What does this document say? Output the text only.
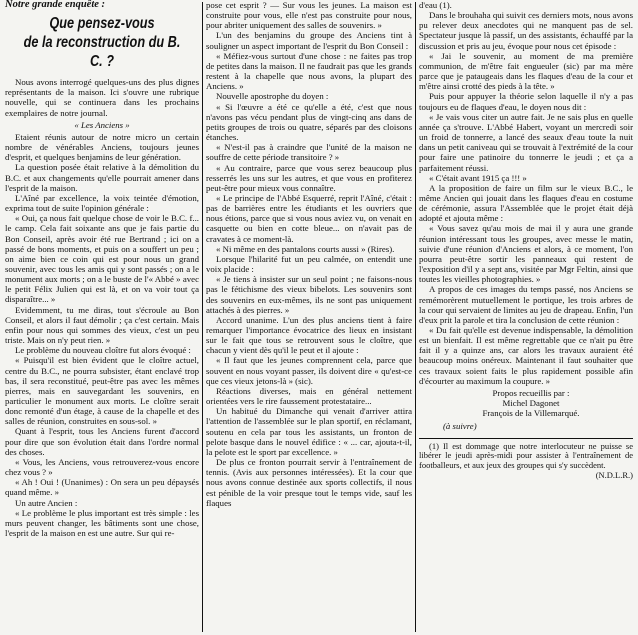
Notre grande enquête :
Que pensez-vous
de la reconstruction du B. C. ?

Nous avons interrogé quelques-uns des plus dignes représentants de la maison. Ici s'ouvre une rubrique nouvelle, qui se continuera dans les prochains exemplaires de notre journal.

« Les Anciens »

Etaient réunis autour de notre micro un certain nombre de vénérables Anciens, toujours jeunes d'esprit, et quelques benjamins de leur génération.

La question posée était relative à la démolition du B.C. et aux changements qu'elle pourrait amener dans l'esprit de la maison.

L'Aîné par excellence, la voix teintée d'émotion, exprima tout de suite l'opinion générale :

« Oui, ça nous fait quelque chose de voir le B.C. f... le camp. Cela fait soixante ans que je fais partie du Bon Conseil, après avoir été rue Bertrand ; ici on a passé de bons moments, et puis on a souffert un peu ; on aime bien ce coin qui est pour nous un grand souvenir, avec tous les amis qui y sont passés ; on a le monument aux morts ; on a le buste de l'« Abbé » avec le petit Félix Julien qui est là, et on va voir tout ça disparaître... »

Evidemment, tu me diras, tout s'écroule au Bon Conseil, et alors il faut démolir ; ça c'est certain. Mais enfin pour nous qui sommes des vieux, c'est un peu triste. Mais on n'y peut rien. »

Le problème du nouveau cloître fut alors évoqué :

« Puisqu'il est bien évident que le cloître actuel, centre du B.C., ne pourra subsister, étant enclavé trop bas, il sera reconstitué, peut-être pas avec les mêmes pierres, mais en sauvegardant les souvenirs, en particulier le monument aux morts. Le cloître serait donc remonté d'un étage, à cause de la chapelle et des salles de réunion, construites en sous-sol. »

Quant à l'esprit, tous les Anciens furent d'accord pour dire que son évolution était dans l'ordre normal des choses.

« Vous, les Anciens, vous retrouverez-vous encore chez vous ? »

« Ah ! Oui ! (Unanimes) : On sera un peu dépaysés quand même. »

Un autre Ancien :

« Le problème le plus important est très simple : les murs peuvent changer, les bâtiments sont une chose, l'esprit de la maison en est une autre. Sur qui re-

pose cet esprit ? — Sur vous les jeunes. La maison est construite pour vous, elle n'est pas construite pour nous, pour abriter uniquement des salles de souvenirs. »

L'un des benjamins du groupe des Anciens tint à souligner un aspect important de l'esprit du Bon Conseil :

« Méfiez-vous surtout d'une chose : ne faites pas trop de petites dans la maison. Il ne faudrait pas que les grands restent à la chapelle que nous avons, la plupart des Anciens. »

Nouvelle apostrophe du doyen :

« Si l'œuvre a été ce qu'elle a été, c'est que nous n'avons pas vécu pendant plus de vingt-cinq ans dans de petits groupes de trois ou quatre, séparés par des cloisons étanches.

« N'est-il pas à craindre que l'unité de la maison ne souffre de cette période transitoire ? »

« Au contraire, parce que vous serez beaucoup plus resserrés les uns sur les autres, et que vous en profiterez peut-être pour mieux vous connaître.

« Le principe de l'Abbé Esquerré, reprit l'Aîné, c'était : pas de barrières entre les étudiants et les ouvriers que nous étions, parce que si vous nous aviez vu, on venait en casquette ou bien en cotte bleue... on n'avait pas de cravates à ce moment-là.

« Ni même en des pantalons courts aussi » (Rires).

Lorsque l'hilarité fut un peu calmée, on entendit une voix placide :

« Je tiens à insister sur un seul point ; ne faisons-nous pas le fétichisme des vieux bibelots. Les souvenirs sont des souvenirs en eux-mêmes, ils ne sont pas uniquement attachés à des pierres. »

Accord unanime. L'un des plus anciens tient à faire remarquer l'importance évocatrice des lieux en insistant sur le fait que tous se retrouvent sous le cloître, que chacun y vient dès qu'il le peut et il ajoute :

« Il faut que les jeunes comprennent cela, parce que souvent en nous voyant passer, ils doivent dire « qu'est-ce que ces vieux jetons-là » (sic).

Réactions diverses, mais en général nettement orientées vers le rire faussement protestataire...

Un habitué du Dimanche qui venait d'arriver attira l'attention de l'assemblée sur le plan sportif, en réclamant, soutenu en cela par tous les assistants, un fronton de pelote basque dans le nouvel édifice : « ... car, ajouta-t-il, la pelote est le sport par excellence. »

De plus ce fronton pourrait servir à l'entraînement de tennis. (Avis aux personnes intéressées). Et la cour que nous avons connue destinée aux sports collectifs, il nous est pénible de la voir presque tout le temps vide, sauf les flaques

d'eau (1).

Dans le brouhaha qui suivit ces derniers mots, nous avons pu relever deux anecdotes qui ne manquent pas de sel. Spectateur jusque là passif, un des assistants, échauffé par la discussion et pris au jeu, évoque pour nous cet épisode :

« Jai le souvenir, au moment de ma première communion, de m'être fait engueuler (sic) par ma mère parce que je pataugeais dans les flaques d'eau de la cour et m'être ainsi crotté des pieds à la tête. »

Puis pour appuyer la théorie selon laquelle il n'y a pas toujours eu de flaques d'eau, le doyen nous dit :

« Je vais vous citer un autre fait. Je ne sais plus en quelle année ça s'trouve. L'Abbé Habert, voyant un mercredi soir un froid de tonnerre, a lancé des seaux d'eau toute la nuit dans un petit caniveau qui se trouvait à l'extrémité de la cour pour faire une patinoire du tonnerre le jeudi ; et ça a parfaitement réussi.

« C'était avant 1915 ça !!! »

A la proposition de faire un film sur le vieux B.C., le même Ancien qui jouait dans les flaques d'eau en costume de cérémonie, assura l'Assemblée que le projet était déjà adopté et ajouta même :

« Vous savez qu'au mois de mai il y aura une grande réunion intéressant tous les groupes, avec messe le matin, suivie d'une réunion d'Anciens et alors, à ce moment, l'on pourra peut-être sortir les panneaux qui restent de l'exposition d'il y a sept ans, visitée par Mgr Feltin, ainsi que toutes les vieilles photographies. »

A propos de ces images du temps passé, nos Anciens se remémorèrent mutuellement le portique, les trois arbres de la cour qui servaient de limites au jeu de drapeau. Enfin, l'un d'eux prit la parole et tira la conclusion de cette réunion :

« Du fait qu'elle est devenue indispensable, la démolition est un bienfait. Il est même regrettable que ce n'ait pu être fait il y a quinze ans, car alors les travaux auraient été beaucoup moins onéreux. Maintenant il faut souhaiter que ces travaux soient faits le plus rapidement possible afin d'écourter au maximum la coupure. »

Propos recueillis par :

Michel Dagonet

François de la Villemarqué.

(à suivre)

(1) Il est dommage que notre interlocuteur ne puisse se libérer le jeudi après-midi pour assister à l'entraînement de footballeurs, et aux jeux des groupes qui s'y succèdent.

(N.D.L.R.)
